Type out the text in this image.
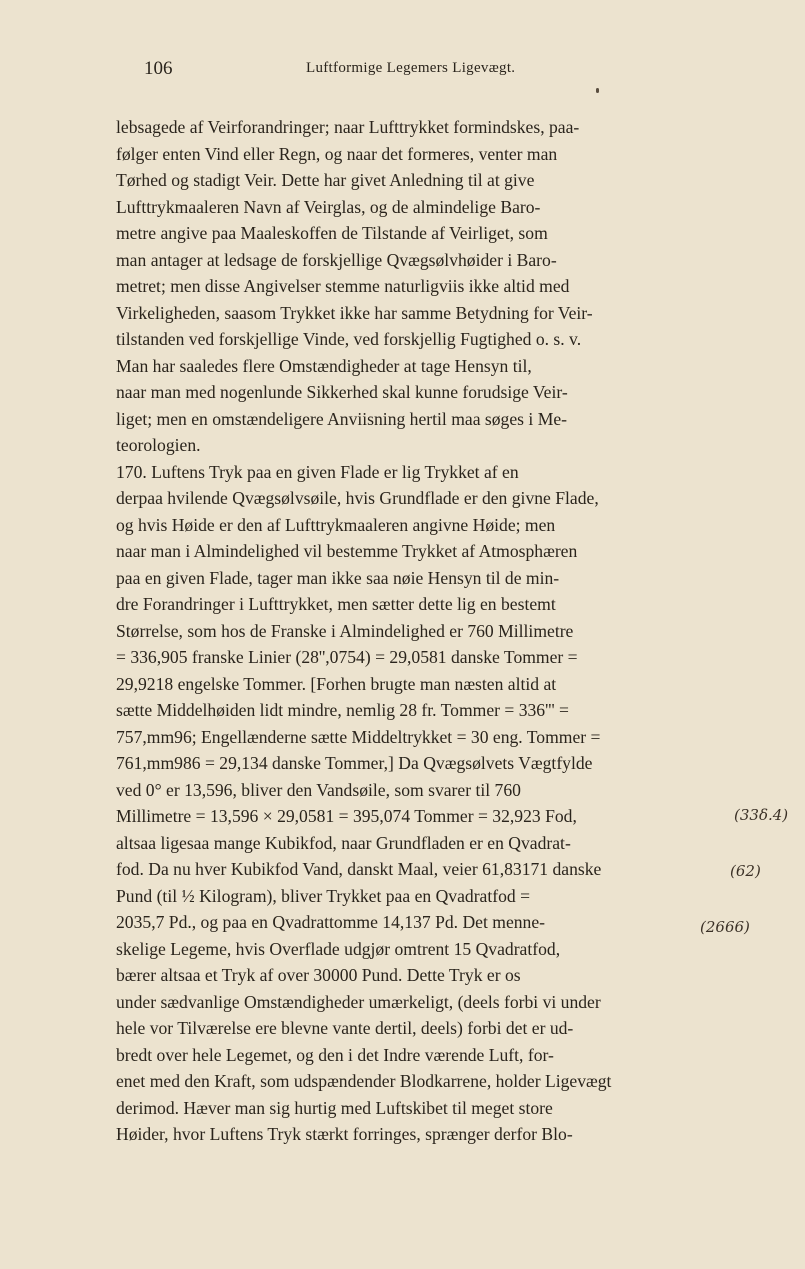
106	Luftformige Legemers Ligevægt.
lebsagede af Veirforandringer; naar Lufttrykket formindskes, paa-
følger enten Vind eller Regn, og naar det formeres, venter man
Tørhed og stadigt Veir. Dette har givet Anledning til at give
Lufttrykmaaleren Navn af Veirglas, og de almindelige Baro-
metre angive paa Maaleskoffen de Tilstande af Veirliget, som
man antager at ledsage de forskjellige Qvægsølvhøider i Baro-
metret; men disse Angivelser stemme naturligviis ikke altid med
Virkeligheden, saasom Trykket ikke har samme Betydning for Veir-
tilstanden ved forskjellige Vinde, ved forskjellig Fugtighed o. s. v.
Man har saaledes flere Omstændigheder at tage Hensyn til,
naar man med nogenlunde Sikkerhed skal kunne forudsige Veir-
liget; men en omstændeligere Anviisning hertil maa søges i Me-
teorologien.
170. Luftens Tryk paa en given Flade er lig Trykket af en
derpaa hvilende Qvægsølvsøile, hvis Grundflade er den givne Flade,
og hvis Høide er den af Lufttrykmaaleren angivne Høide; men
naar man i Almindelighed vil bestemme Trykket af Atmosphæren
paa en given Flade, tager man ikke saa nøie Hensyn til de min-
dre Forandringer i Lufttrykket, men sætter dette lig en bestemt
Størrelse, som hos de Franske i Almindelighed er 760 Millimetre
= 336,905 franske Linier (28'',0754) = 29,0581 danske Tommer =
29,9218 engelske Tommer. [Forhen brugte man næsten altid at
sætte Middelhøiden lidt mindre, nemlig 28 fr. Tommer = 336''' =
757,mm96; Engellænderne sætte Middeltrykket = 30 eng. Tommer =
761,mm986 = 29,134 danske Tommer,] Da Qvægsølvets Vægtfylde
ved 0° er 13,596, bliver den Vandsøile, som svarer til 760
Millimetre = 13,596 × 29,0581 = 395,074 Tommer = 32,923 Fod,
altsaa ligesaa mange Kubikfod, naar Grundfladen er en Qvadrat-
fod. Da nu hver Kubikfod Vand, danskt Maal, veier 61,83171 danske
Pund (til ½ Kilogram), bliver Trykket paa en Qvadratfod =
2035,7 Pd., og paa en Qvadrattomme 14,137 Pd. Det menne-
skelige Legeme, hvis Overflade udgjør omtrent 15 Qvadratfod,
bærer altsaa et Tryk af over 30000 Pund. Dette Tryk er os
under sædvanlige Omstændigheder umærkeligt, (deels forbi vi under
hele vor Tilværelse ere blevne vante dertil, deels) forbi det er ud-
bredt over hele Legemet, og den i det Indre værende Luft, for-
enet med den Kraft, som udspændender Blodkarrene, holder Ligevægt
derimod. Hæver man sig hurtig med Luftskibet til meget store
Høider, hvor Luftens Tryk stærkt forringes, sprænger derfor Blo-
(33δ.4)
(62)
(2666)
